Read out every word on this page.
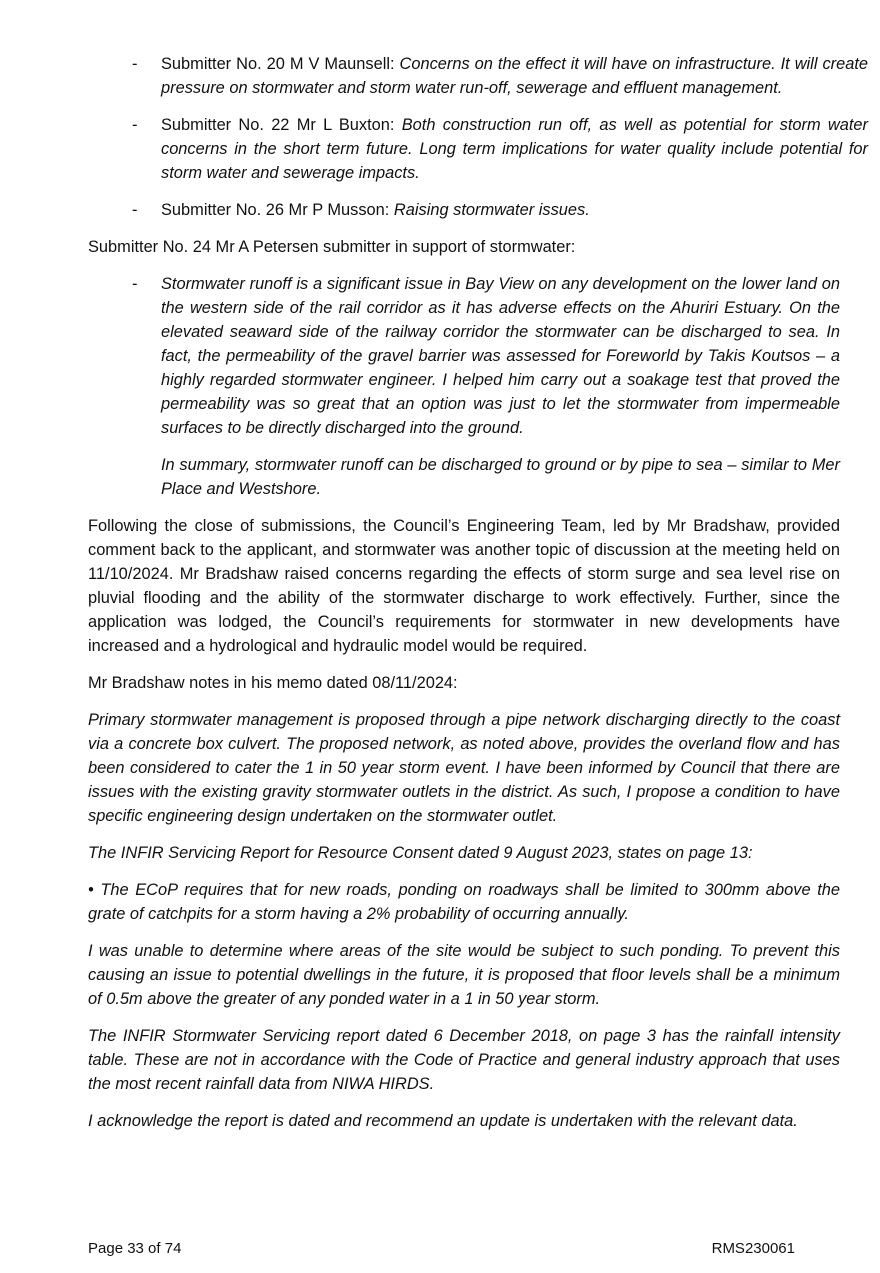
- Submitter No. 20 M V Maunsell: Concerns on the effect it will have on infrastructure. It will create pressure on stormwater and storm water run-off, sewerage and effluent management.

- Submitter No. 22 Mr L Buxton: Both construction run off, as well as potential for storm water concerns in the short term future. Long term implications for water quality include potential for storm water and sewerage impacts.

- Submitter No. 26 Mr P Musson: Raising stormwater issues.

Submitter No. 24 Mr A Petersen submitter in support of stormwater:

- Stormwater runoff is a significant issue in Bay View on any development on the lower land on the western side of the rail corridor as it has adverse effects on the Ahuriri Estuary. On the elevated seaward side of the railway corridor the stormwater can be discharged to sea. In fact, the permeability of the gravel barrier was assessed for Foreworld by Takis Koutsos – a highly regarded stormwater engineer. I helped him carry out a soakage test that proved the permeability was so great that an option was just to let the stormwater from impermeable surfaces to be directly discharged into the ground.

In summary, stormwater runoff can be discharged to ground or by pipe to sea – similar to Mer Place and Westshore.

Following the close of submissions, the Council’s Engineering Team, led by Mr Bradshaw, provided comment back to the applicant, and stormwater was another topic of discussion at the meeting held on 11/10/2024. Mr Bradshaw raised concerns regarding the effects of storm surge and sea level rise on pluvial flooding and the ability of the stormwater discharge to work effectively. Further, since the application was lodged, the Council’s requirements for stormwater in new developments have increased and a hydrological and hydraulic model would be required.

Mr Bradshaw notes in his memo dated 08/11/2024:

Primary stormwater management is proposed through a pipe network discharging directly to the coast via a concrete box culvert. The proposed network, as noted above, provides the overland flow and has been considered to cater the 1 in 50 year storm event. I have been informed by Council that there are issues with the existing gravity stormwater outlets in the district. As such, I propose a condition to have specific engineering design undertaken on the stormwater outlet.

The INFIR Servicing Report for Resource Consent dated 9 August 2023, states on page 13:

• The ECoP requires that for new roads, ponding on roadways shall be limited to 300mm above the grate of catchpits for a storm having a 2% probability of occurring annually.

I was unable to determine where areas of the site would be subject to such ponding. To prevent this causing an issue to potential dwellings in the future, it is proposed that floor levels shall be a minimum of 0.5m above the greater of any ponded water in a 1 in 50 year storm.

The INFIR Stormwater Servicing report dated 6 December 2018, on page 3 has the rainfall intensity table. These are not in accordance with the Code of Practice and general industry approach that uses the most recent rainfall data from NIWA HIRDS.

I acknowledge the report is dated and recommend an update is undertaken with the relevant data.

Page 33 of 74	RMS230061
